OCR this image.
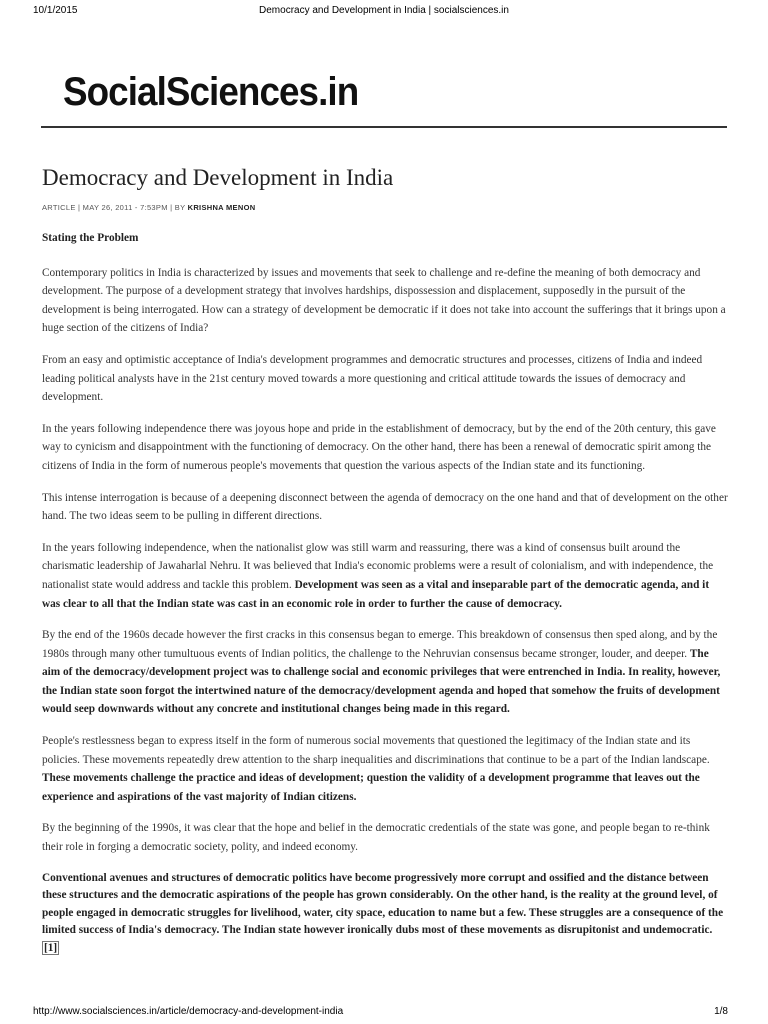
10/1/2015	Democracy and Development in India | socialsciences.in
SocialSciences.in
Democracy and Development in India
ARTICLE | MAY 26, 2011 - 7:53PM | BY KRISHNA MENON

Stating the Problem

Contemporary politics in India is characterized by issues and movements that seek to challenge and re-define the meaning of both democracy and development. The purpose of a development strategy that involves hardships, dispossession and displacement, supposedly in the pursuit of the development is being interrogated. How can a strategy of development be democratic if it does not take into account the sufferings that it brings upon a huge section of the citizens of India?

From an easy and optimistic acceptance of India's development programmes and democratic structures and processes, citizens of India and indeed leading political analysts have in the 21st century moved towards a more questioning and critical attitude towards the issues of democracy and development.

In the years following independence there was joyous hope and pride in the establishment of democracy, but by the end of the 20th century, this gave way to cynicism and disappointment with the functioning of democracy. On the other hand, there has been a renewal of democratic spirit among the citizens of India in the form of numerous people's movements that question the various aspects of the Indian state and its functioning.

This intense interrogation is because of a deepening disconnect between the agenda of democracy on the one hand and that of development on the other hand. The two ideas seem to be pulling in different directions.

In the years following independence, when the nationalist glow was still warm and reassuring, there was a kind of consensus built around the charismatic leadership of Jawaharlal Nehru. It was believed that India's economic problems were a result of colonialism, and with independence, the nationalist state would address and tackle this problem. Development was seen as a vital and inseparable part of the democratic agenda, and it was clear to all that the Indian state was cast in an economic role in order to further the cause of democracy.

By the end of the 1960s decade however the first cracks in this consensus began to emerge. This breakdown of consensus then sped along, and by the 1980s through many other tumultuous events of Indian politics, the challenge to the Nehruvian consensus became stronger, louder, and deeper. The aim of the democracy/development project was to challenge social and economic privileges that were entrenched in India. In reality, however, the Indian state soon forgot the intertwined nature of the democracy/development agenda and hoped that somehow the fruits of development would seep downwards without any concrete and institutional changes being made in this regard.

People's restlessness began to express itself in the form of numerous social movements that questioned the legitimacy of the Indian state and its policies. These movements repeatedly drew attention to the sharp inequalities and discriminations that continue to be a part of the Indian landscape. These movements challenge the practice and ideas of development; question the validity of a development programme that leaves out the experience and aspirations of the vast majority of Indian citizens.

By the beginning of the 1990s, it was clear that the hope and belief in the democratic credentials of the state was gone, and people began to re-think their role in forging a democratic society, polity, and indeed economy.

Conventional avenues and structures of democratic politics have become progressively more corrupt and ossified and the distance between these structures and the democratic aspirations of the people has grown considerably. On the other hand, is the reality at the ground level, of people engaged in democratic struggles for livelihood, water, city space, education to name but a few. These struggles are a consequence of the limited success of India's democracy. The Indian state however ironically dubs most of these movements as disrupitonist and undemocratic.[1]

http://www.socialsciences.in/article/democracy-and-development-india	1/8
